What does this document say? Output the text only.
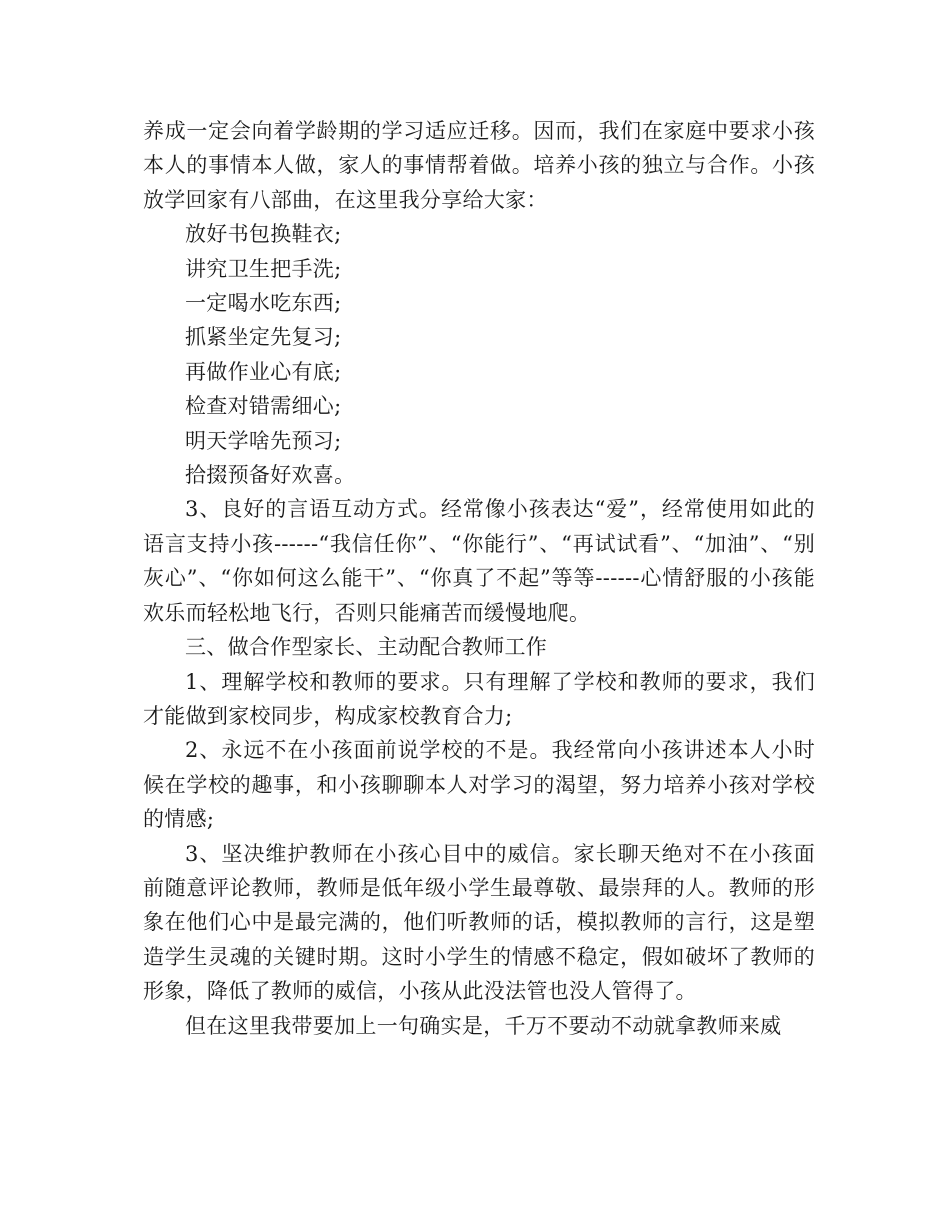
养成一定会向着学龄期的学习适应迁移。因而，我们在家庭中要求小孩本人的事情本人做，家人的事情帮着做。培养小孩的独立与合作。小孩放学回家有八部曲，在这里我分享给大家：

放好书包换鞋衣;

讲究卫生把手洗;

一定喝水吃东西;

抓紧坐定先复习;

再做作业心有底;

检查对错需细心;

明天学啥先预习;

拾掇预备好欢喜。

3、良好的言语互动方式。经常像小孩表达“爱”，经常使用如此的语言支持小孩------“我信任你”、“你能行”、“再试试看”、“加油”、“别灰心”、“你如何这么能干”、“你真了不起”等等------心情舒服的小孩能欢乐而轻松地飞行，否则只能痛苦而缓慢地爬。

三、做合作型家长、主动配合教师工作

1、理解学校和教师的要求。只有理解了学校和教师的要求，我们才能做到家校同步，构成家校教育合力;

2、永远不在小孩面前说学校的不是。我经常向小孩讲述本人小时候在学校的趣事，和小孩聊聊本人对学习的渴望，努力培养小孩对学校的情感;

3、坚决维护教师在小孩心目中的威信。家长聊天绝对不在小孩面前随意评论教师，教师是低年级小学生最尊敬、最崇拜的人。教师的形象在他们心中是最完满的，他们听教师的话，模拟教师的言行，这是塑造学生灵魂的关键时期。这时小学生的情感不稳定，假如破坏了教师的形象，降低了教师的威信，小孩从此没法管也没人管得了。

但在这里我带要加上一句确实是，千万不要动不动就拿教师来威
